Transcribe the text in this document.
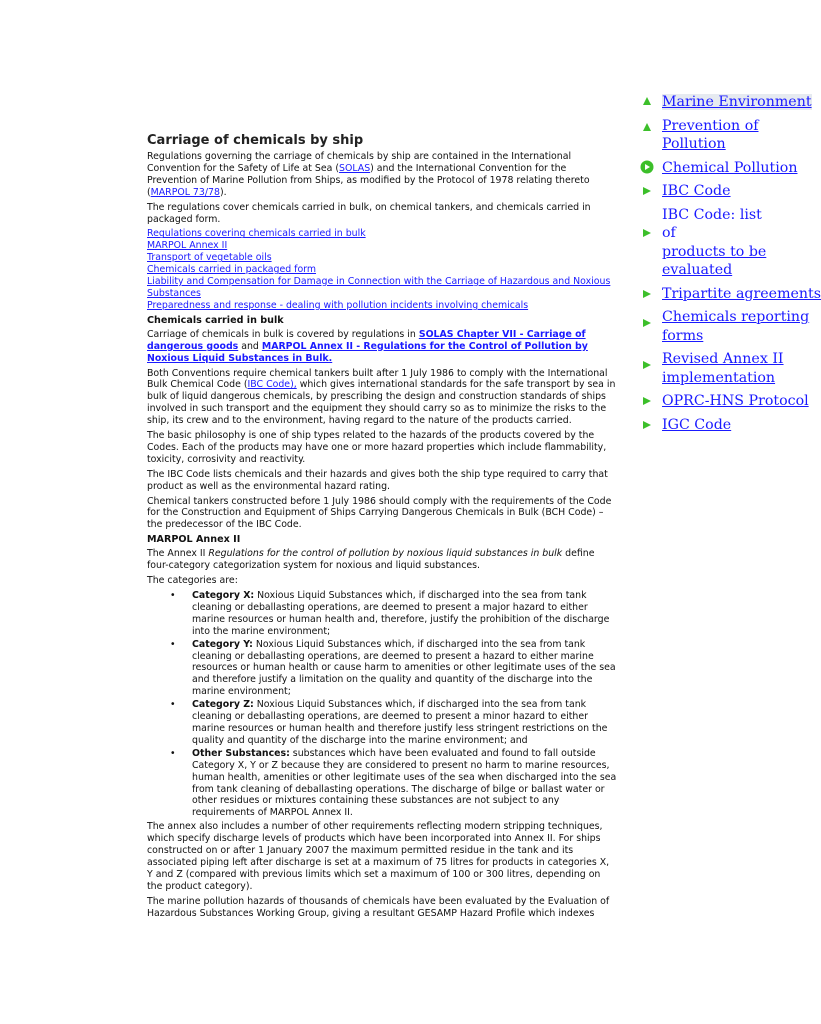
Carriage of chemicals by ship

Regulations governing the carriage of chemicals by ship are contained in the International Convention for the Safety of Life at Sea (SOLAS) and the International Convention for the Prevention of Marine Pollution from Ships, as modified by the Protocol of 1978 relating thereto (MARPOL 73/78).

The regulations cover chemicals carried in bulk, on chemical tankers, and chemicals carried in packaged form.

Regulations covering chemicals carried in bulk
MARPOL Annex II
Transport of vegetable oils
Chemicals carried in packaged form
Liability and Compensation for Damage in Connection with the Carriage of Hazardous and Noxious Substances
Preparedness and response - dealing with pollution incidents involving chemicals
Chemicals carried in bulk

Carriage of chemicals in bulk is covered by regulations in SOLAS Chapter VII - Carriage of dangerous goods and MARPOL Annex II - Regulations for the Control of Pollution by Noxious Liquid Substances in Bulk.

Both Conventions require chemical tankers built after 1 July 1986 to comply with the International Bulk Chemical Code (IBC Code), which gives international standards for the safe transport by sea in bulk of liquid dangerous chemicals, by prescribing the design and construction standards of ships involved in such transport and the equipment they should carry so as to minimize the risks to the ship, its crew and to the environment, having regard to the nature of the products carried.

The basic philosophy is one of ship types related to the hazards of the products covered by the Codes. Each of the products may have one or more hazard properties which include flammability, toxicity, corrosivity and reactivity.

The IBC Code lists chemicals and their hazards and gives both the ship type required to carry that product as well as the environmental hazard rating.

Chemical tankers constructed before 1 July 1986 should comply with the requirements of the Code for the Construction and Equipment of Ships Carrying Dangerous Chemicals in Bulk (BCH Code) – the predecessor of the IBC Code.

MARPOL Annex II

The Annex II Regulations for the control of pollution by noxious liquid substances in bulk define four-category categorization system for noxious and liquid substances.

The categories are:

• Category X: Noxious Liquid Substances which, if discharged into the sea from tank cleaning or deballasting operations, are deemed to present a major hazard to either marine resources or human health and, therefore, justify the prohibition of the discharge into the marine environment;
• Category Y: Noxious Liquid Substances which, if discharged into the sea from tank cleaning or deballasting operations, are deemed to present a hazard to either marine resources or human health or cause harm to amenities or other legitimate uses of the sea and therefore justify a limitation on the quality and quantity of the discharge into the marine environment;
• Category Z: Noxious Liquid Substances which, if discharged into the sea from tank cleaning or deballasting operations, are deemed to present a minor hazard to either marine resources or human health and therefore justify less stringent restrictions on the quality and quantity of the discharge into the marine environment; and
• Other Substances: substances which have been evaluated and found to fall outside Category X, Y or Z because they are considered to present no harm to marine resources, human health, amenities or other legitimate uses of the sea when discharged into the sea from tank cleaning of deballasting operations. The discharge of bilge or ballast water or other residues or mixtures containing these substances are not subject to any requirements of MARPOL Annex II.

The annex also includes a number of other requirements reflecting modern stripping techniques, which specify discharge levels of products which have been incorporated into Annex II. For ships constructed on or after 1 January 2007 the maximum permitted residue in the tank and its associated piping left after discharge is set at a maximum of 75 litres for products in categories X, Y and Z (compared with previous limits which set a maximum of 100 or 300 litres, depending on the product category).

The marine pollution hazards of thousands of chemicals have been evaluated by the Evaluation of Hazardous Substances Working Group, giving a resultant GESAMP Hazard Profile which indexes

Marine Environment
Prevention of
Pollution
Chemical Pollution
IBC Code
IBC Code: list of
products to be
evaluated
Tripartite agreements
Chemicals reporting
forms
Revised Annex II
implementation
OPRC-HNS Protocol
IGC Code
